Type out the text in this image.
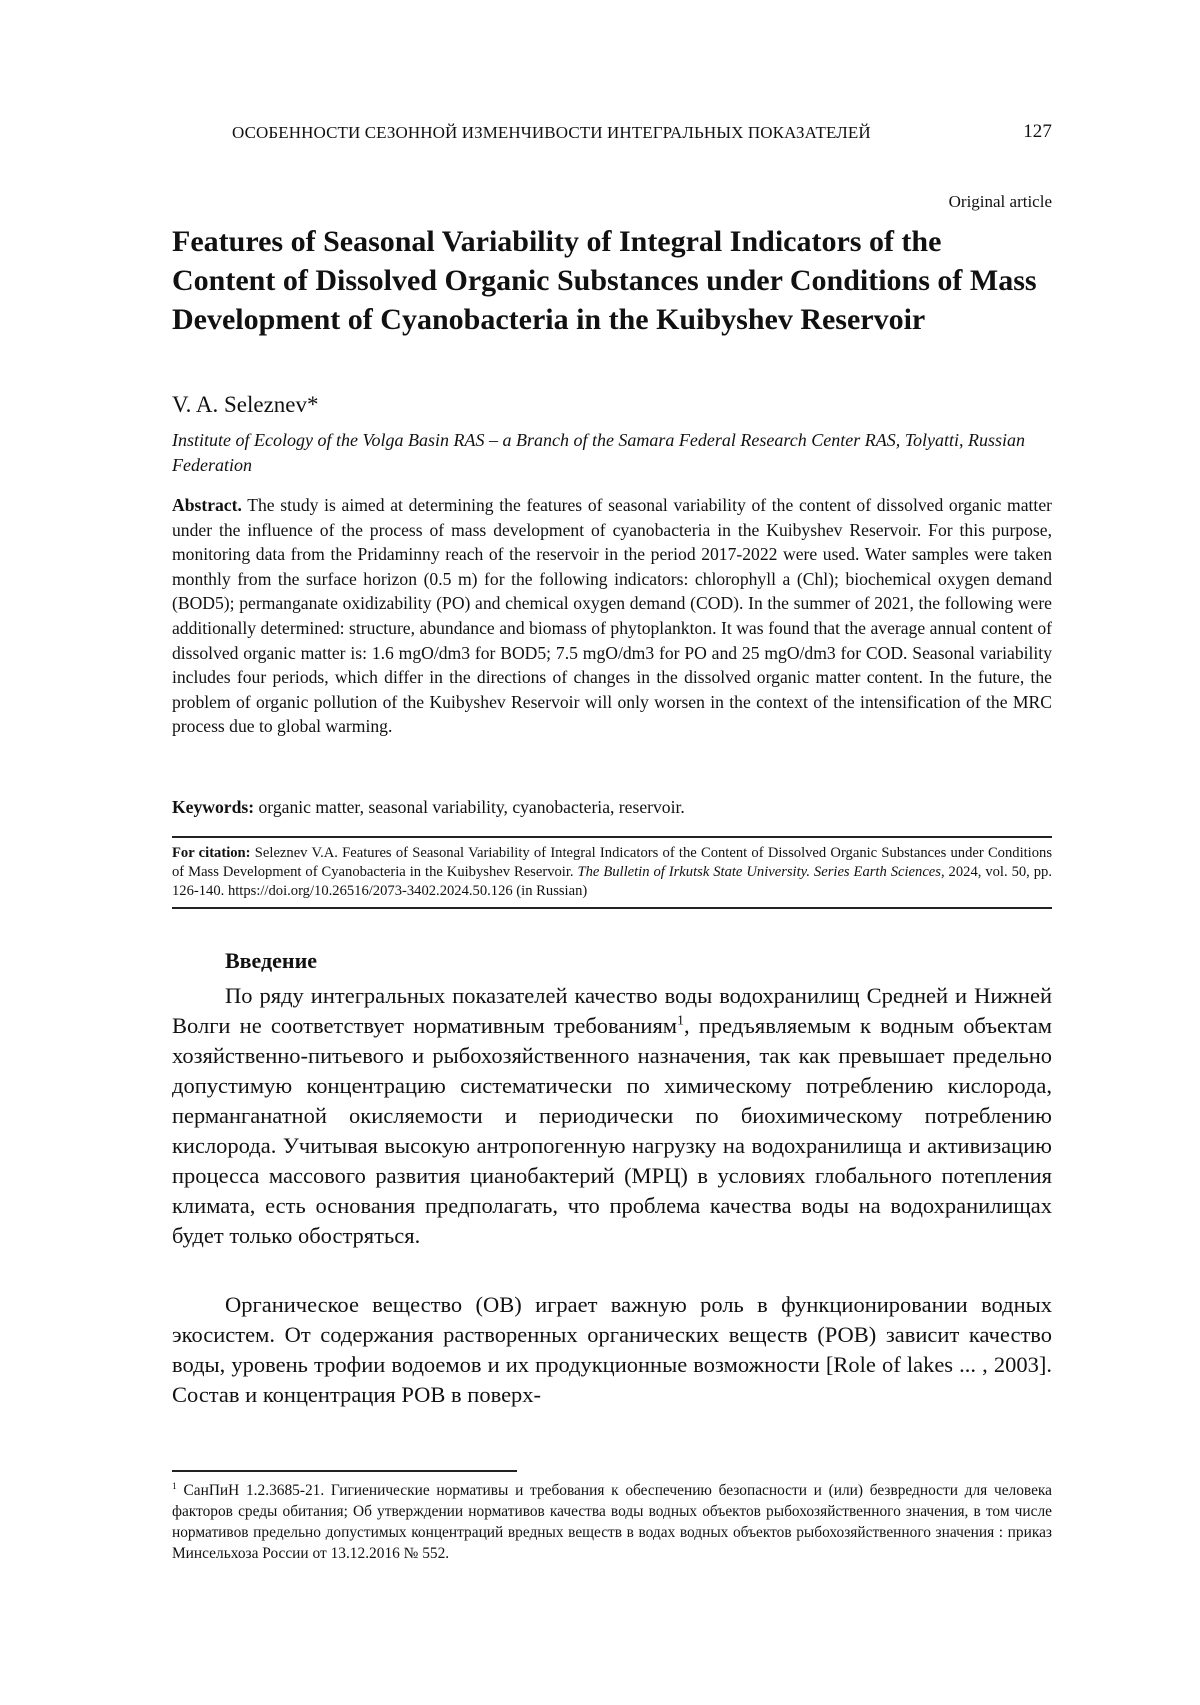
ОСОБЕННОСТИ СЕЗОННОЙ ИЗМЕНЧИВОСТИ ИНТЕГРАЛЬНЫХ ПОКАЗАТЕЛЕЙ	127
Original article
Features of Seasonal Variability of Integral Indicators of the Content of Dissolved Organic Substances under Conditions of Mass Development of Cyanobacteria in the Kuibyshev Reservoir
V. A. Seleznev*
Institute of Ecology of the Volga Basin RAS – a Branch of the Samara Federal Research Center RAS, Tolyatti, Russian Federation

Abstract. The study is aimed at determining the features of seasonal variability of the content of dissolved organic matter under the influence of the process of mass development of cyanobacteria in the Kuibyshev Reservoir. For this purpose, monitoring data from the Pridaminny reach of the reservoir in the period 2017-2022 were used. Water samples were taken monthly from the surface horizon (0.5 m) for the following indicators: chlorophyll a (Chl); biochemical oxygen demand (BOD5); permanganate oxidizability (PO) and chemical oxygen demand (COD). In the summer of 2021, the following were additionally determined: structure, abundance and biomass of phytoplankton. It was found that the average annual content of dissolved organic matter is: 1.6 mgO/dm3 for BOD5; 7.5 mgO/dm3 for PO and 25 mgO/dm3 for COD. Seasonal variability includes four periods, which differ in the directions of changes in the dissolved organic matter content. In the future, the problem of organic pollution of the Kuibyshev Reservoir will only worsen in the context of the intensification of the MRC process due to global warming.

Keywords: organic matter, seasonal variability, cyanobacteria, reservoir.

For citation: Seleznev V.A. Features of Seasonal Variability of Integral Indicators of the Content of Dissolved Organic Substances under Conditions of Mass Development of Cyanobacteria in the Kuibyshev Reservoir. The Bulletin of Irkutsk State University. Series Earth Sciences, 2024, vol. 50, pp. 126-140. https://doi.org/10.26516/2073-3402.2024.50.126 (in Russian)
Введение

По ряду интегральных показателей качество воды водохранилищ Средней и Нижней Волги не соответствует нормативным требованиям$^1$, предъявляемым к водным объектам хозяйственно-питьевого и рыбохозяйственного назначения, так как превышает предельно допустимую концентрацию систематически по химическому потреблению кислорода, перманганатной окисляемости и периодически по биохимическому потреблению кислорода. Учитывая высокую антропогенную нагрузку на водохранилища и активизацию процесса массового развития цианобактерий (МРЦ) в условиях глобального потепления климата, есть основания предполагать, что проблема качества воды на водохранилищах будет только обостряться.

Органическое вещество (ОВ) играет важную роль в функционировании водных экосистем. От содержания растворенных органических веществ (РОВ) зависит качество воды, уровень трофии водоемов и их продукционные возможности [Role of lakes ... , 2003]. Состав и концентрация РОВ в поверх-

$^1$ СанПиН 1.2.3685-21. Гигиенические нормативы и требования к обеспечению безопасности и (или) безвредности для человека факторов среды обитания; Об утверждении нормативов качества воды водных объектов рыбохозяйственного значения, в том числе нормативов предельно допустимых концентраций вредных веществ в водах водных объектов рыбохозяйственного значения : приказ Минсельхоза России от 13.12.2016 № 552.
